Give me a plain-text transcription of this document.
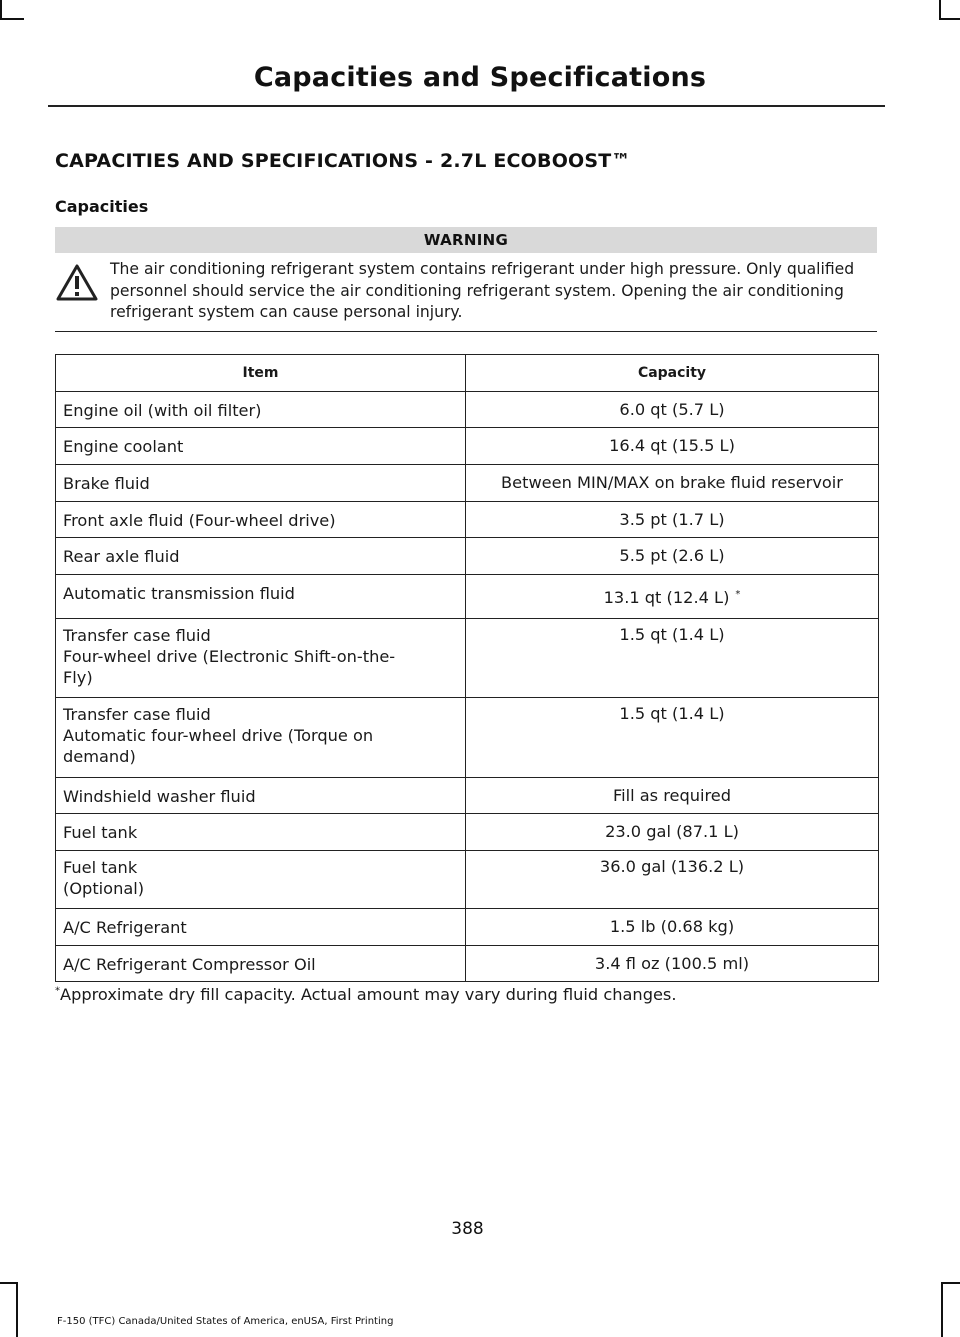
Capacities and Specifications
CAPACITIES AND SPECIFICATIONS - 2.7L ECOBOOST™
Capacities
WARNING
The air conditioning refrigerant system contains refrigerant under high pressure. Only qualified personnel should service the air conditioning refrigerant system. Opening the air conditioning refrigerant system can cause personal injury.
Item	Capacity

Engine oil (with oil filter)	6.0 qt (5.7 L)

Engine coolant	16.4 qt (15.5 L)

Brake fluid	Between MIN/MAX on brake fluid reservoir

Front axle fluid (Four-wheel drive)	3.5 pt (1.7 L)

Rear axle fluid	5.5 pt (2.6 L)

Automatic transmission fluid	13.1 qt (12.4 L) *

Transfer case fluid
Four-wheel drive (Electronic Shift-on-the-
Fly)	1.5 qt (1.4 L)

Transfer case fluid
Automatic four-wheel drive (Torque on
demand)	1.5 qt (1.4 L)

Windshield washer fluid	Fill as required

Fuel tank	23.0 gal (87.1 L)

Fuel tank
(Optional)	36.0 gal (136.2 L)

A/C Refrigerant	1.5 lb (0.68 kg)

A/C Refrigerant Compressor Oil	3.4 fl oz (100.5 ml)
*Approximate dry fill capacity. Actual amount may vary during fluid changes.
388
F-150 (TFC) Canada/United States of America, enUSA, First Printing
